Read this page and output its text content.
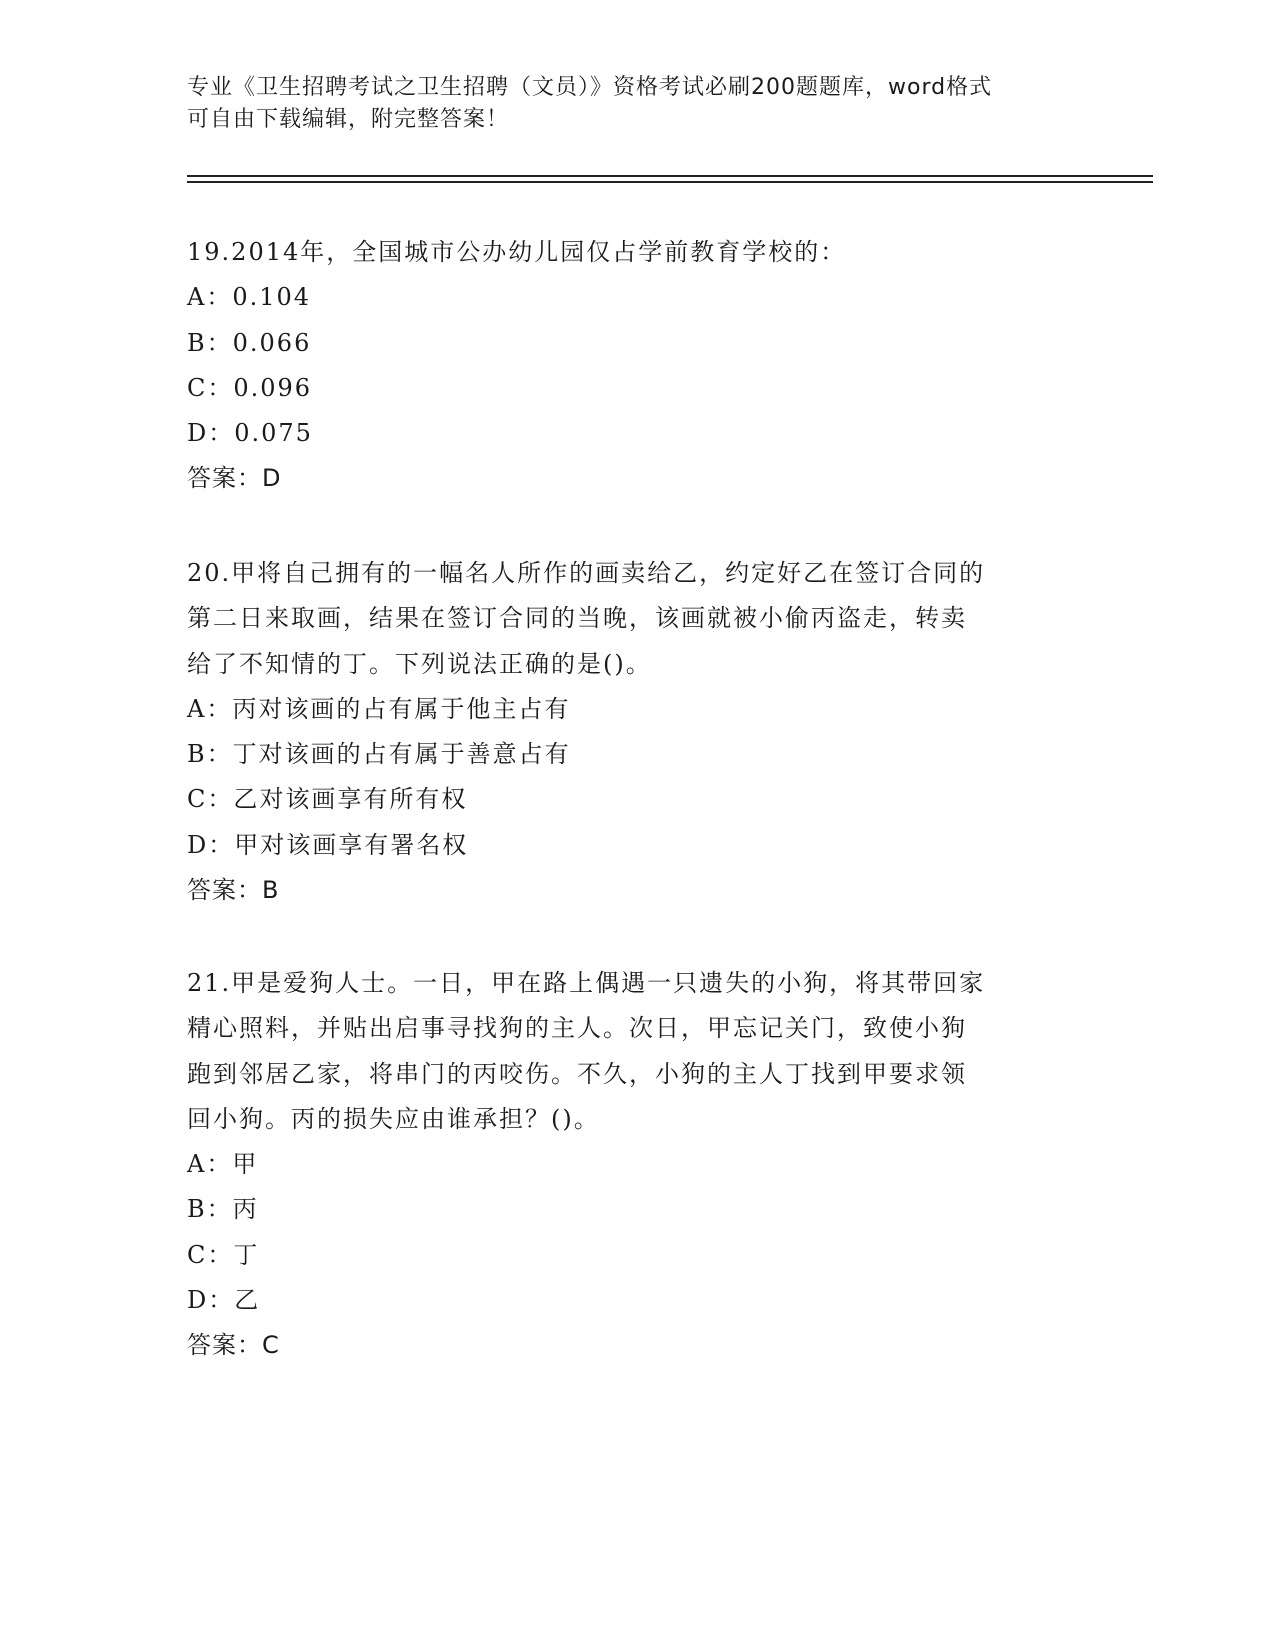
专业《卫生招聘考试之卫生招聘（文员）》资格考试必刷200题题库，word格式
可自由下载编辑，附完整答案！
19.2014年，全国城市公办幼儿园仅占学前教育学校的：
A：0.104
B：0.066
C：0.096
D：0.075
答案：D
20.甲将自己拥有的一幅名人所作的画卖给乙，约定好乙在签订合同的
第二日来取画，结果在签订合同的当晚，该画就被小偷丙盗走，转卖
给了不知情的丁。下列说法正确的是()。
A：丙对该画的占有属于他主占有
B：丁对该画的占有属于善意占有
C：乙对该画享有所有权
D：甲对该画享有署名权
答案：B
21.甲是爱狗人士。一日，甲在路上偶遇一只遗失的小狗，将其带回家
精心照料，并贴出启事寻找狗的主人。次日，甲忘记关门，致使小狗
跑到邻居乙家，将串门的丙咬伤。不久，小狗的主人丁找到甲要求领
回小狗。丙的损失应由谁承担？()。
A：甲
B：丙
C：丁
D：乙
答案：C
